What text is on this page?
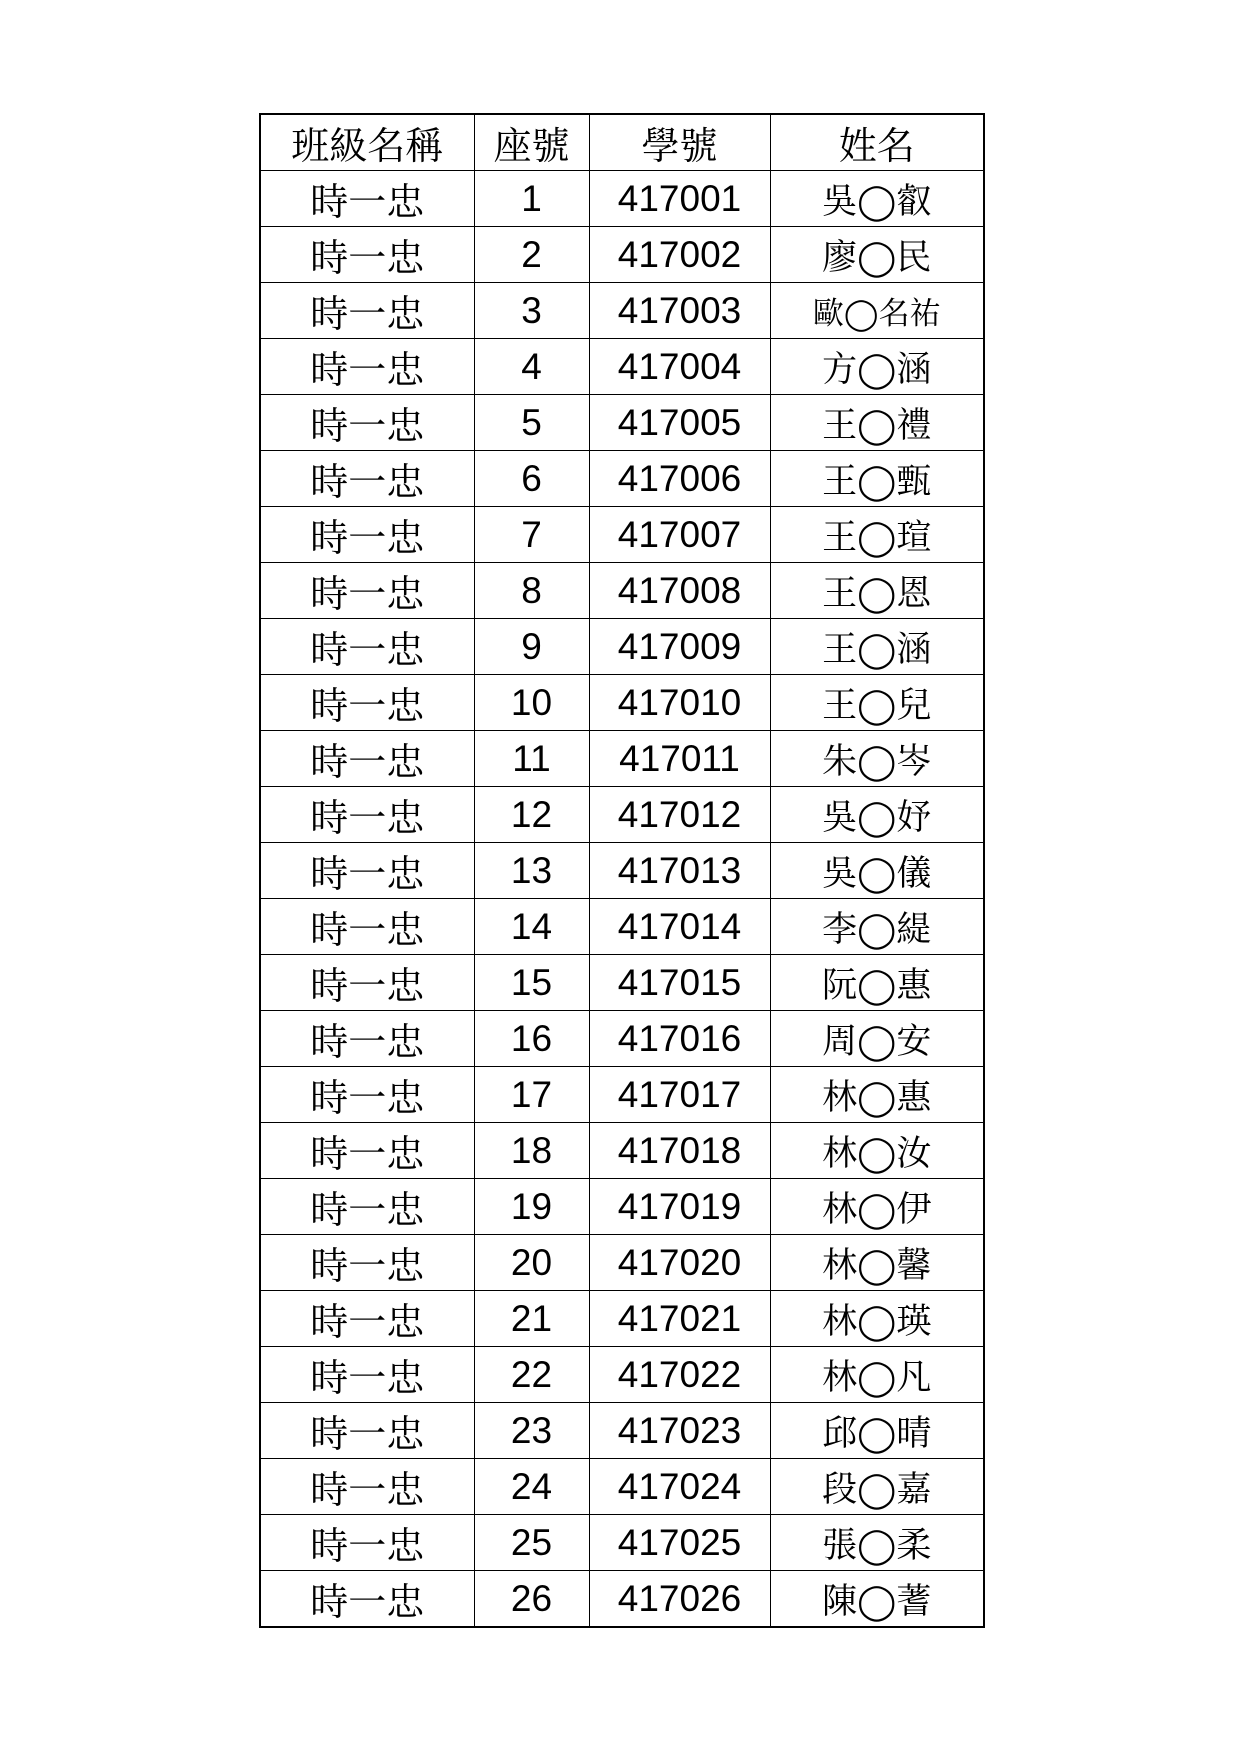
班級名稱	座號	學號	姓名
時一忠	1	417001	吳◯叡
時一忠	2	417002	廖◯民
時一忠	3	417003	歐◯名祐
時一忠	4	417004	方◯涵
時一忠	5	417005	王◯禮
時一忠	6	417006	王◯甄
時一忠	7	417007	王◯瑄
時一忠	8	417008	王◯恩
時一忠	9	417009	王◯涵
時一忠	10	417010	王◯兒
時一忠	11	417011	朱◯岑
時一忠	12	417012	吳◯妤
時一忠	13	417013	吳◯儀
時一忠	14	417014	李◯緹
時一忠	15	417015	阮◯惠
時一忠	16	417016	周◯安
時一忠	17	417017	林◯惠
時一忠	18	417018	林◯汝
時一忠	19	417019	林◯伊
時一忠	20	417020	林◯馨
時一忠	21	417021	林◯瑛
時一忠	22	417022	林◯凡
時一忠	23	417023	邱◯晴
時一忠	24	417024	段◯嘉
時一忠	25	417025	張◯柔
時一忠	26	417026	陳◯蓍
